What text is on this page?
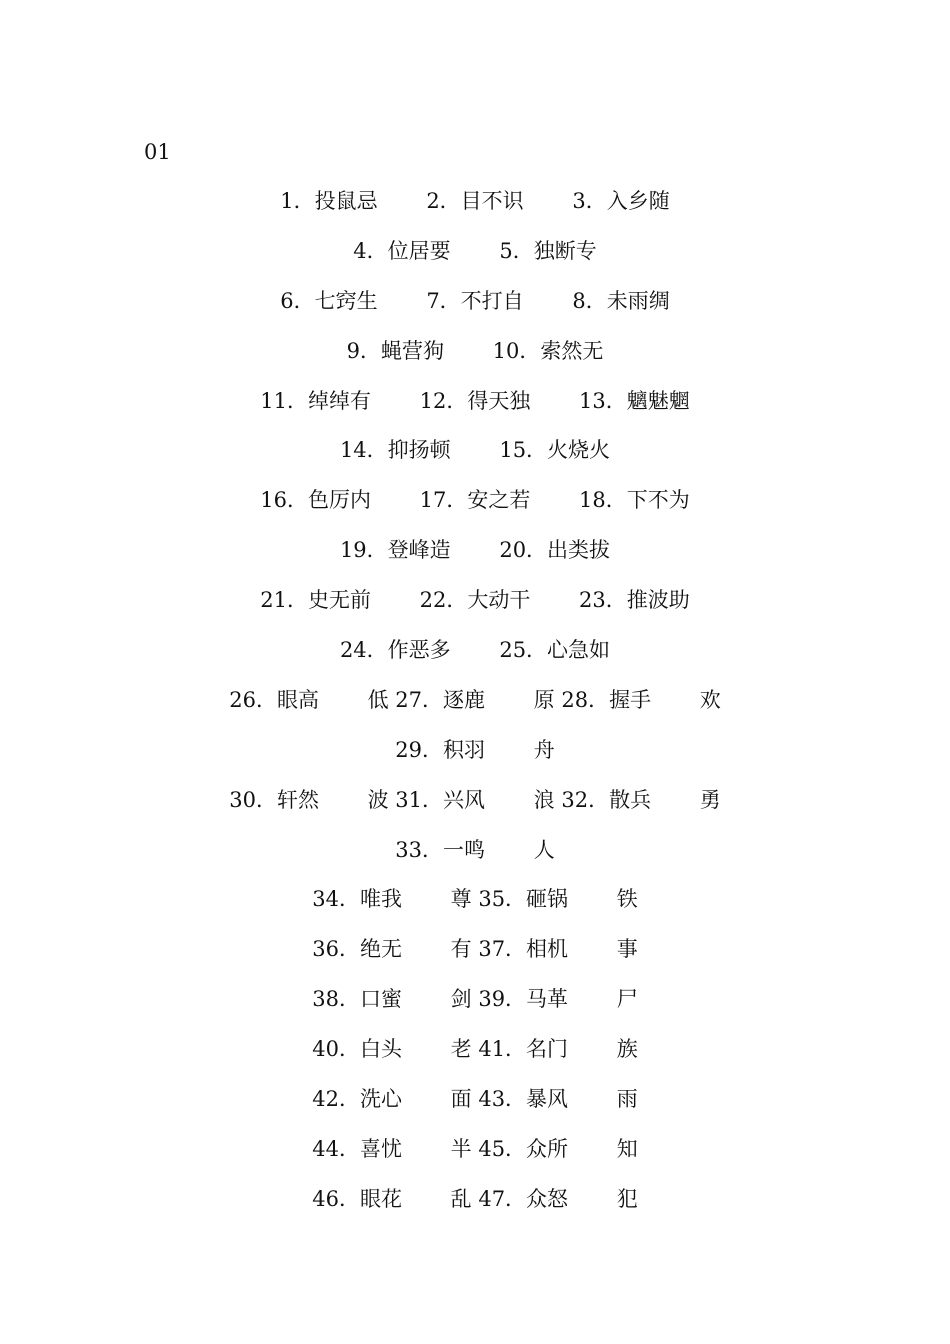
01
1．投鼠忌　　 2．目不识　　 3．入乡随
4．位居要　　 5．独断专
6．七窍生　　 7．不打自　　 8．未雨绸
9．蝇营狗　　 10．索然无
11．绰绰有　　 12．得天独　　 13．魑魅魍
14．抑扬顿　　 15．火烧火
16．色厉内　　 17．安之若　　 18．下不为
19．登峰造　　 20．出类拔
21．史无前　　 22．大动干　　 23．推波助
24．作恶多　　 25．心急如
26．眼高　　 低 27．逐鹿　　 原 28．握手　　 欢
29．积羽　　 舟
30．轩然　　 波 31．兴风　　 浪 32．散兵　　 勇
33．一鸣　　 人
34．唯我　　 尊 35．砸锅　　 铁
36．绝无　　 有 37．相机　　 事
38．口蜜　　 剑 39．马革　　 尸
40．白头　　 老 41．名门　　 族
42．洗心　　 面 43．暴风　　 雨
44．喜忧　　 半 45．众所　　 知
46．眼花　　 乱 47．众怒　　 犯
